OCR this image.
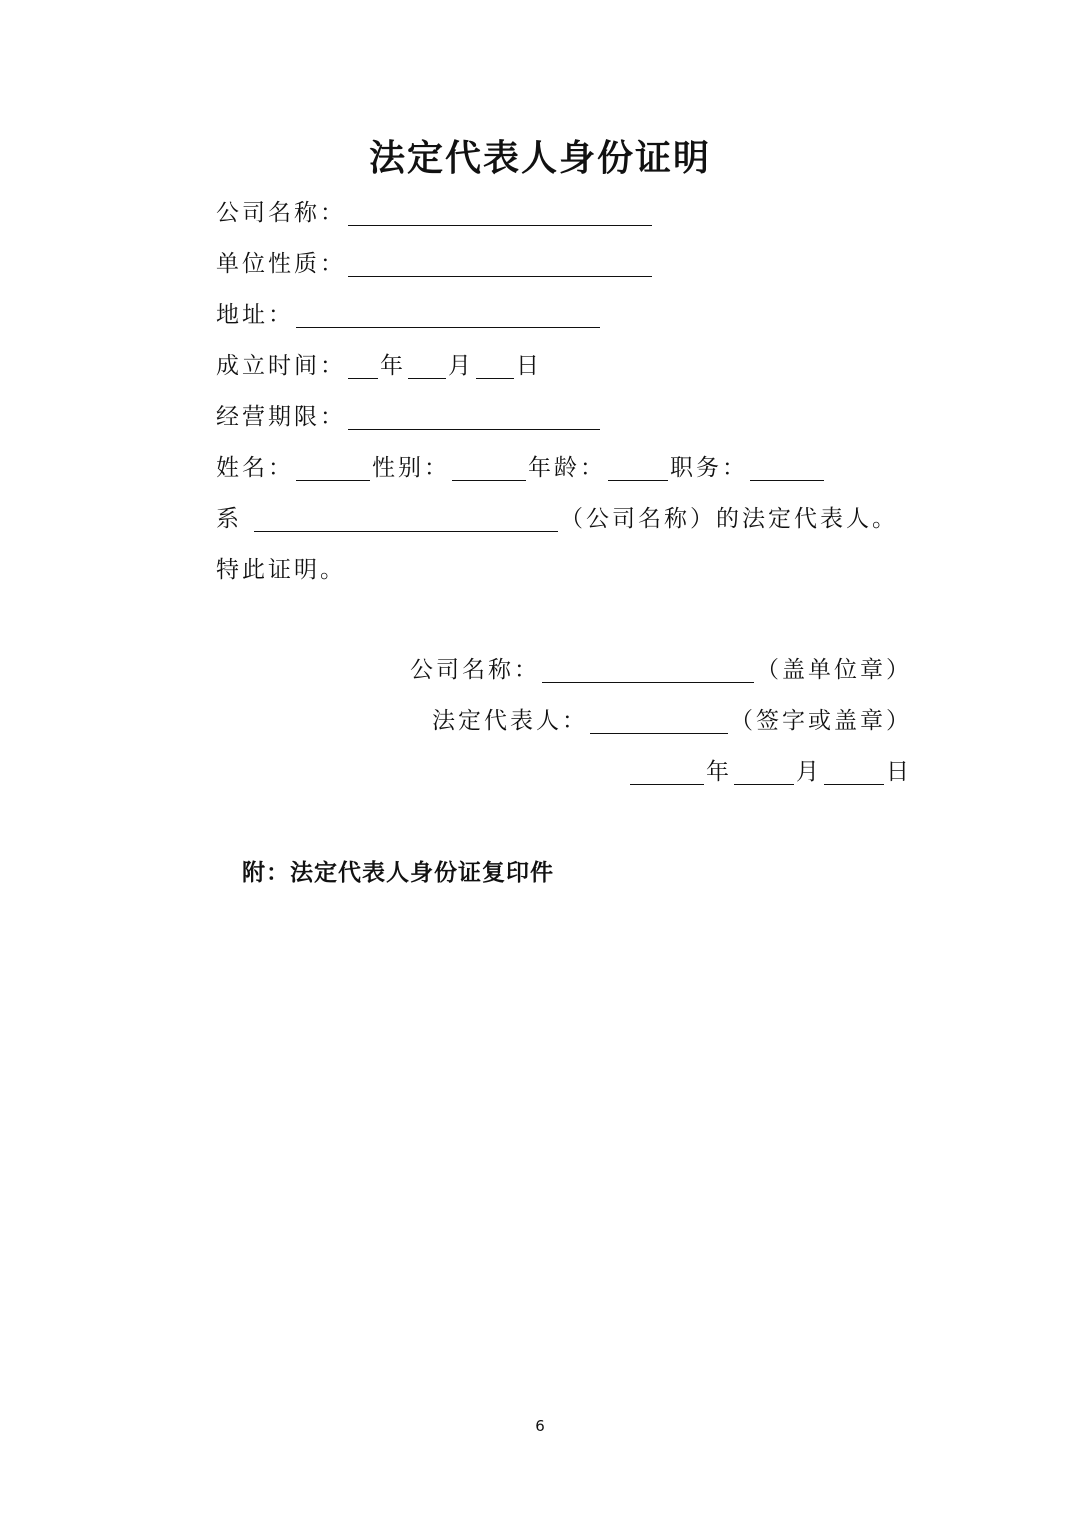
法定代表人身份证明
公司名称：
单位性质：
地址：
成立时间： 年 月 日
经营期限：
姓名：	性别：	年龄：	职务：
系	（公司名称）的法定代表人。
特此证明。
公司名称：	（盖单位章）
法定代表人：	（签字或盖章）
年	月	日
附：法定代表人身份证复印件
6
